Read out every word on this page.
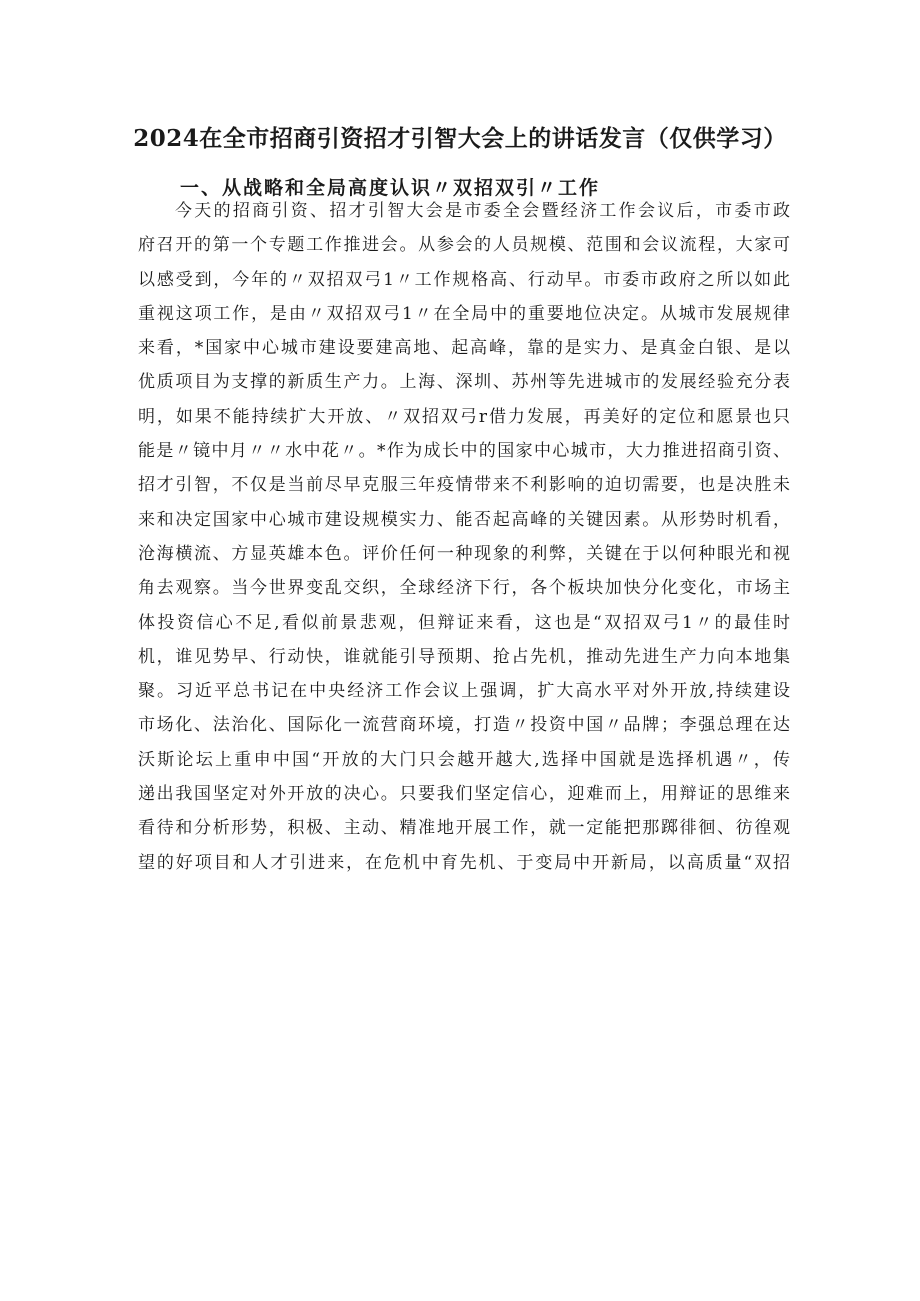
2024在全市招商引资招才引智大会上的讲话发言（仅供学习）
一、从战略和全局高度认识〃双招双引〃工作
今天的招商引资、招才引智大会是市委全会暨经济工作会议后，市委市政
府召开的第一个专题工作推进会。从参会的人员规模、范围和会议流程，大家可
以感受到，今年的〃双招双弓1〃工作规格高、行动早。市委市政府之所以如此
重视这项工作，是由〃双招双弓1〃在全局中的重要地位决定。从城市发展规律
来看，*国家中心城市建设要建高地、起高峰，靠的是实力、是真金白银、是以
优质项目为支撑的新质生产力。上海、深圳、苏州等先进城市的发展经验充分表
明，如果不能持续扩大开放、〃双招双弓r借力发展，再美好的定位和愿景也只
能是〃镜中月〃〃水中花〃。*作为成长中的国家中心城市，大力推进招商引资、
招才引智，不仅是当前尽早克服三年疫情带来不利影响的迫切需要，也是决胜未
来和决定国家中心城市建设规模实力、能否起高峰的关键因素。从形势时机看，
沧海横流、方显英雄本色。评价任何一种现象的利弊，关键在于以何种眼光和视
角去观察。当今世界变乱交织，全球经济下行，各个板块加快分化变化，市场主
体投资信心不足,看似前景悲观，但辩证来看，这也是“双招双弓1〃的最佳时
机，谁见势早、行动快，谁就能引导预期、抢占先机，推动先进生产力向本地集
聚。习近平总书记在中央经济工作会议上强调，扩大高水平对外开放,持续建设
市场化、法治化、国际化一流营商环境，打造〃投资中国〃品牌；李强总理在达
沃斯论坛上重申中国“开放的大门只会越开越大,选择中国就是选择机遇〃，传
递出我国坚定对外开放的决心。只要我们坚定信心，迎难而上，用辩证的思维来
看待和分析形势，积极、主动、精准地开展工作，就一定能把那踯徘徊、彷徨观
望的好项目和人才引进来，在危机中育先机、于变局中开新局，以高质量“双招
